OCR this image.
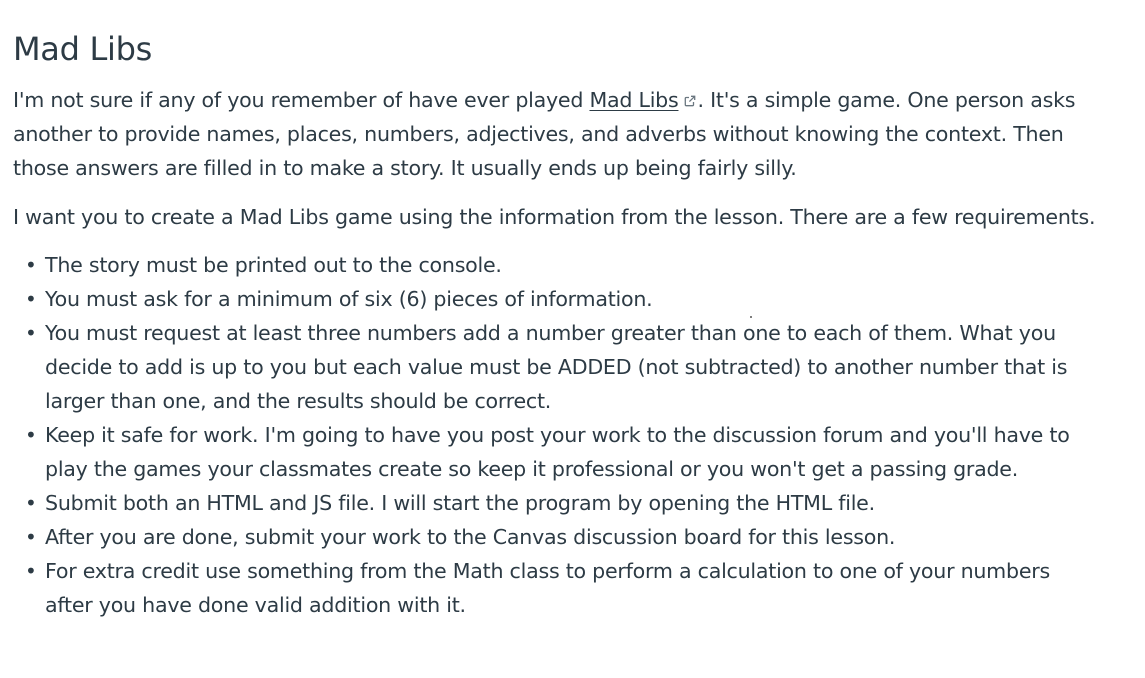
Mad Libs

I'm not sure if any of you remember of have ever played Mad Libs . It's a simple game. One person asks another to provide names, places, numbers, adjectives, and adverbs without knowing the context. Then those answers are filled in to make a story. It usually ends up being fairly silly.

I want you to create a Mad Libs game using the information from the lesson. There are a few requirements.

• The story must be printed out to the console.
• You must ask for a minimum of six (6) pieces of information.
• You must request at least three numbers add a number greater than one to each of them. What you decide to add is up to you but each value must be ADDED (not subtracted) to another number that is larger than one, and the results should be correct.
• Keep it safe for work. I'm going to have you post your work to the discussion forum and you'll have to play the games your classmates create so keep it professional or you won't get a passing grade.
• Submit both an HTML and JS file. I will start the program by opening the HTML file.
• After you are done, submit your work to the Canvas discussion board for this lesson.
• For extra credit use something from the Math class to perform a calculation to one of your numbers after you have done valid addition with it.
